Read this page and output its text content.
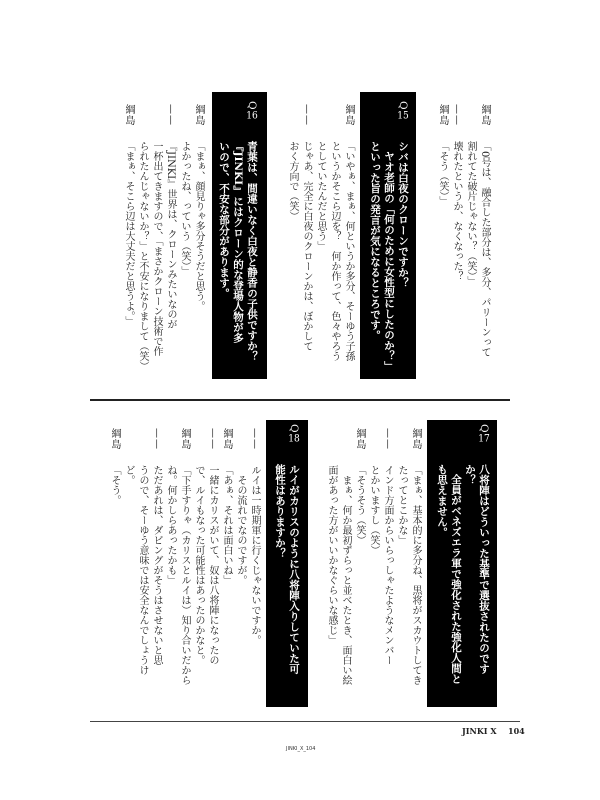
綱島「0号は、融合した部分は、多分、パリーンって
割れてた破片じゃない？（笑）」
——壊れたというか、なくなった？
綱島「そう（笑）」
Q15シバは白夜のクローンですか？
ヤオ老師の「何のために女性型にしたのか？」
といった旨の発言が気になるところです。
綱島「いやぁ、まぁ、何というか多分、そーゆう子孫
というかそこら辺を？　何か作って、色々やろう
としていたんだと思う」
——じゃあ、完全に白夜のクローンかは、ぼかして
おく方向で（笑）
Q16青葉は、間違いなく白夜と静香の子供ですか？
『JINKI』にはクローン的な登場人物が多
いので、不安な部分があります。
綱島「まぁ、顔見りゃ多分そうだと思う。
よかったね、っていう（笑）」
——『JINKI』世界は、クローンみたいなのが
一杯出てきますので、「まさかクローン技術で作
られたんじゃないか？」と不安になりまして（笑）
綱島「まぁ、そこら辺は大丈夫だと思うよ。」
Q17八将陣はどういった基準で選抜されたのです
か？
全員がベネズエラ軍で強化された強化人間と
も思えません。
綱島「まぁ、基本的に多分ね、黒将がスカウトしてき
たってとこかな」
——インド方面からいらっしゃたようなメンバー
とかいますし（笑）
綱島「そうそう（笑）
まぁ、何か最初ずらっと並べたとき、面白い絵
面があった方がいいかなぐらいな感じ」
Q18ルイがカリスのように八将陣入りしていた可
能性はありますか？
——ルイは一時期軍に行くじゃないですか。
その流れでなのですが。
綱島「あぁ、それは面白いね」
——一緒にカリスがいて、奴は八将陣になったの
で、ルイもなった可能性はあったのかなと。
綱島「下手すりゃ（カリスとルイは）知り合いだから
ね。何かしらあったかも」
——ただあれは、ダビングがそうはさせないと思
うので、そーゆう意味では安全なんでしょうけ
ど。
綱島「そう。
JINKI X 104
JINKI_X_104
